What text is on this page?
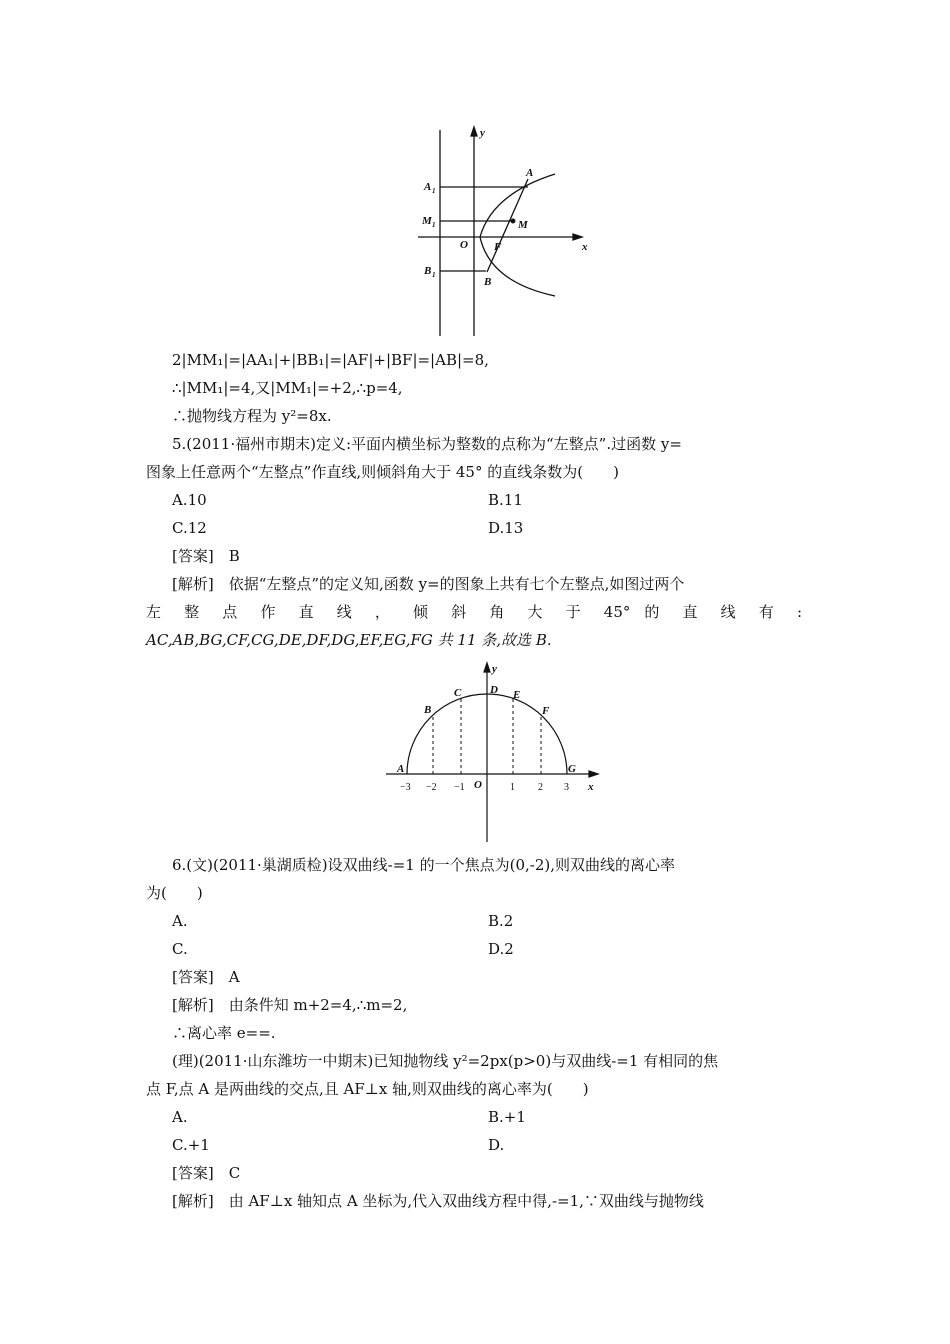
y
x
A 1
M 1
B 1
A
M
O F
B
2|MM₁|=|AA₁|+|BB₁|=|AF|+|BF|=|AB|=8,
∴|MM₁|=4,又|MM₁|=+2,∴p=4,
∴抛物线方程为 y²=8x.
5.(2011·福州市期末)定义:平面内横坐标为整数的点称为“左整点”.过函数 y=
图象上任意两个“左整点”作直线,则倾斜角大于 45° 的直线条数为(　　)
A.10	B.11
C.12	D.13
[答案]　B
[解析]　依据“左整点”的定义知,函数 y=的图象上共有七个左整点,如图过两个
左 整 点 作 直 线 ， 倾 斜 角 大 于 45° 的 直 线 有 :
AC,AB,BG,CF,CG,DE,DF,DG,EF,EG,FG 共 11 条,故选 B.
A
B
C	D E
F
G
O	x
y
−3 −2 −1	1 2 3
6.(文)(2011·巢湖质检)设双曲线-=1 的一个焦点为(0,-2),则双曲线的离心率
为(　　)
A.	B.2
C.	D.2
[答案]　A
[解析]　由条件知 m+2=4,∴m=2,
∴离心率 e==.
(理)(2011·山东潍坊一中期末)已知抛物线 y²=2px(p>0)与双曲线-=1 有相同的焦
点 F,点 A 是两曲线的交点,且 AF⊥x 轴,则双曲线的离心率为(　　)
A.	B.+1
C.+1	D.
[答案]　C
[解析]　由 AF⊥x 轴知点 A 坐标为,代入双曲线方程中得,-=1,∵双曲线与抛物线
